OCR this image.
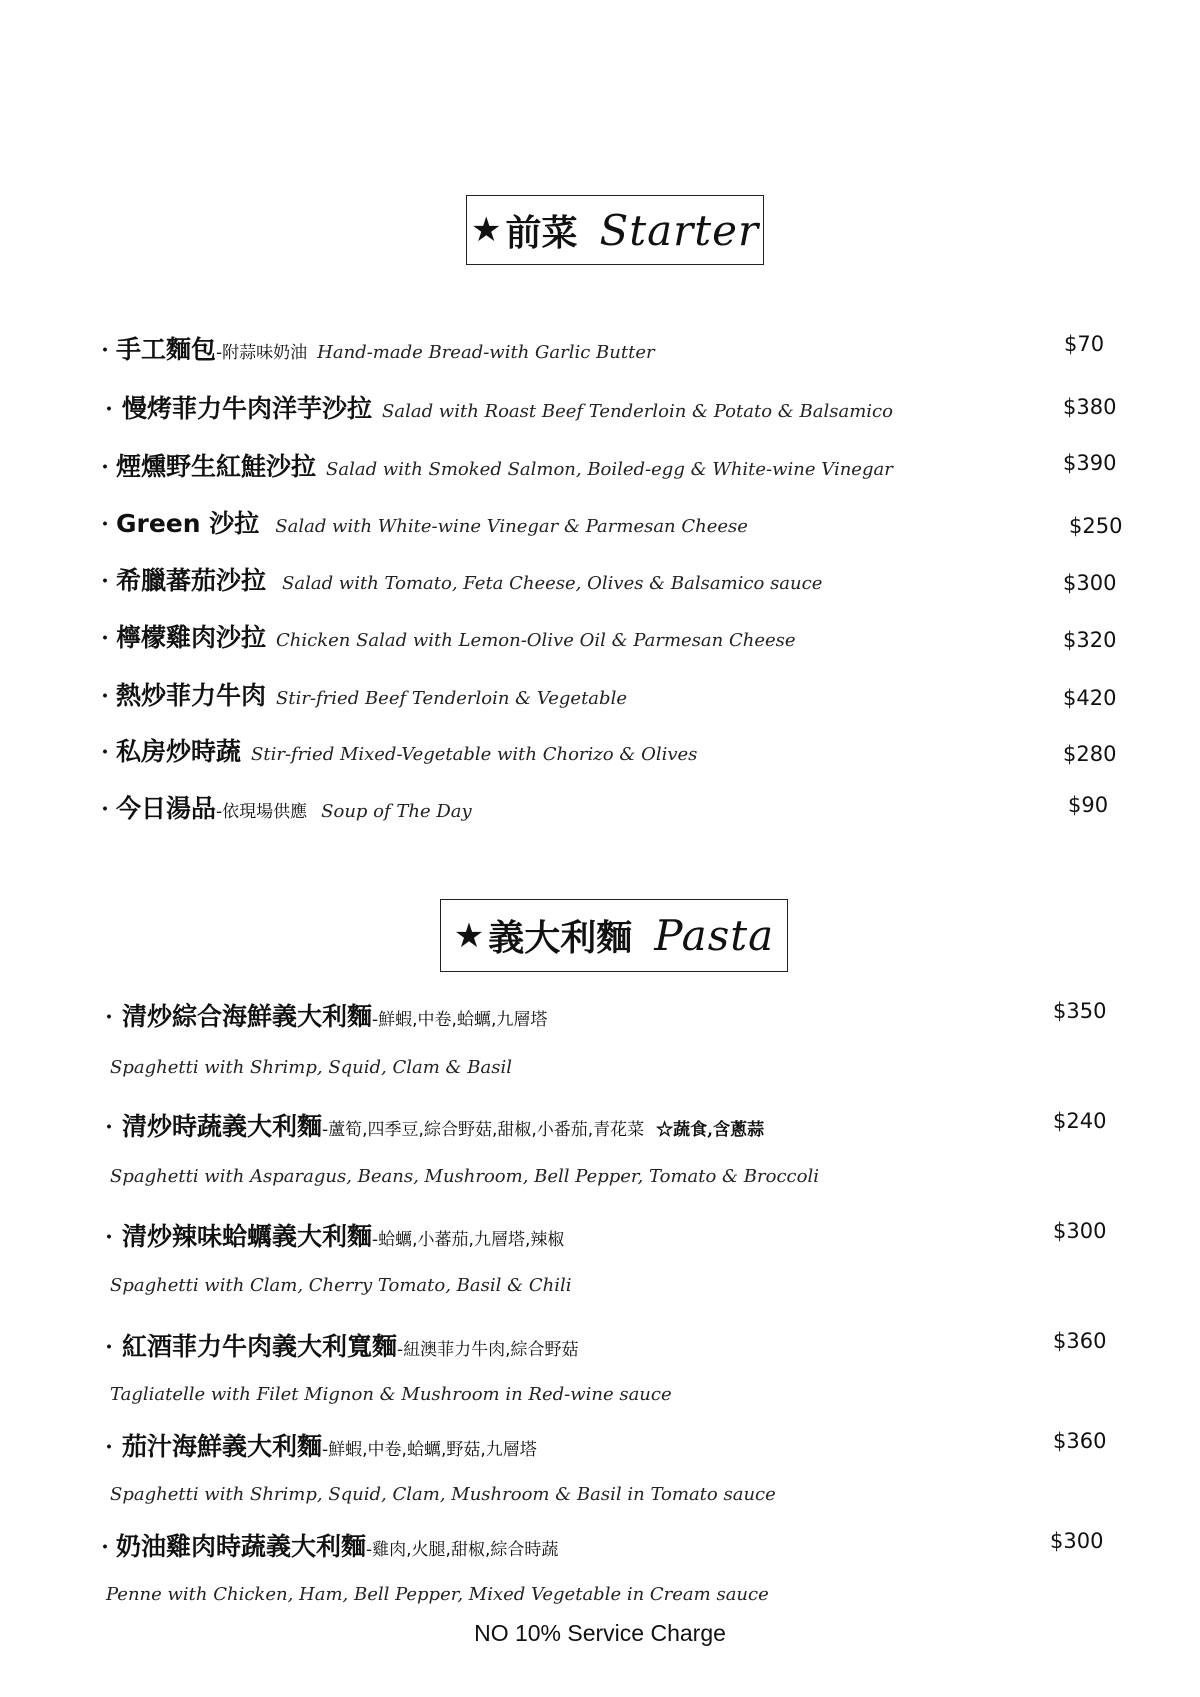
★ 前菜 Starter
・ 手工麵包 -附蒜味奶油 Hand-made Bread-with Garlic Butter	$70
・ 慢烤菲力牛肉洋芋沙拉 Salad with Roast Beef Tenderloin & Potato & Balsamico	$380
・ 煙燻野生紅鮭沙拉 Salad with Smoked Salmon, Boiled-egg & White-wine Vinegar	$390
・ Green 沙拉 Salad with White-wine Vinegar & Parmesan Cheese	$250
・ 希臘蕃茄沙拉 Salad with Tomato, Feta Cheese, Olives & Balsamico sauce	$300
・ 檸檬雞肉沙拉 Chicken Salad with Lemon-Olive Oil & Parmesan Cheese	$320
・ 熱炒菲力牛肉 Stir-fried Beef Tenderloin & Vegetable	$420
・ 私房炒時蔬 Stir-fried Mixed-Vegetable with Chorizo & Olives	$280
・ 今日湯品 -依現場供應 Soup of The Day	$90
★ 義大利麵 Pasta
・ 清炒綜合海鮮義大利麵 -鮮蝦,中卷,蛤蠣,九層塔	$350
Spaghetti with Shrimp, Squid, Clam & Basil
・ 清炒時蔬義大利麵 -蘆筍,四季豆,綜合野菇,甜椒,小番茄,青花菜 ☆蔬食,含蔥蒜	$240
Spaghetti with Asparagus, Beans, Mushroom, Bell Pepper, Tomato & Broccoli
・ 清炒辣味蛤蠣義大利麵 -蛤蠣,小蕃茄,九層塔,辣椒	$300
Spaghetti with Clam, Cherry Tomato, Basil & Chili
・ 紅酒菲力牛肉義大利寬麵 -紐澳菲力牛肉,綜合野菇	$360
Tagliatelle with Filet Mignon & Mushroom in Red-wine sauce
・ 茄汁海鮮義大利麵 -鮮蝦,中卷,蛤蠣,野菇,九層塔	$360
Spaghetti with Shrimp, Squid, Clam, Mushroom & Basil in Tomato sauce
・ 奶油雞肉時蔬義大利麵 -雞肉,火腿,甜椒,綜合時蔬	$300
Penne with Chicken, Ham, Bell Pepper, Mixed Vegetable in Cream sauce
NO 10% Service Charge
